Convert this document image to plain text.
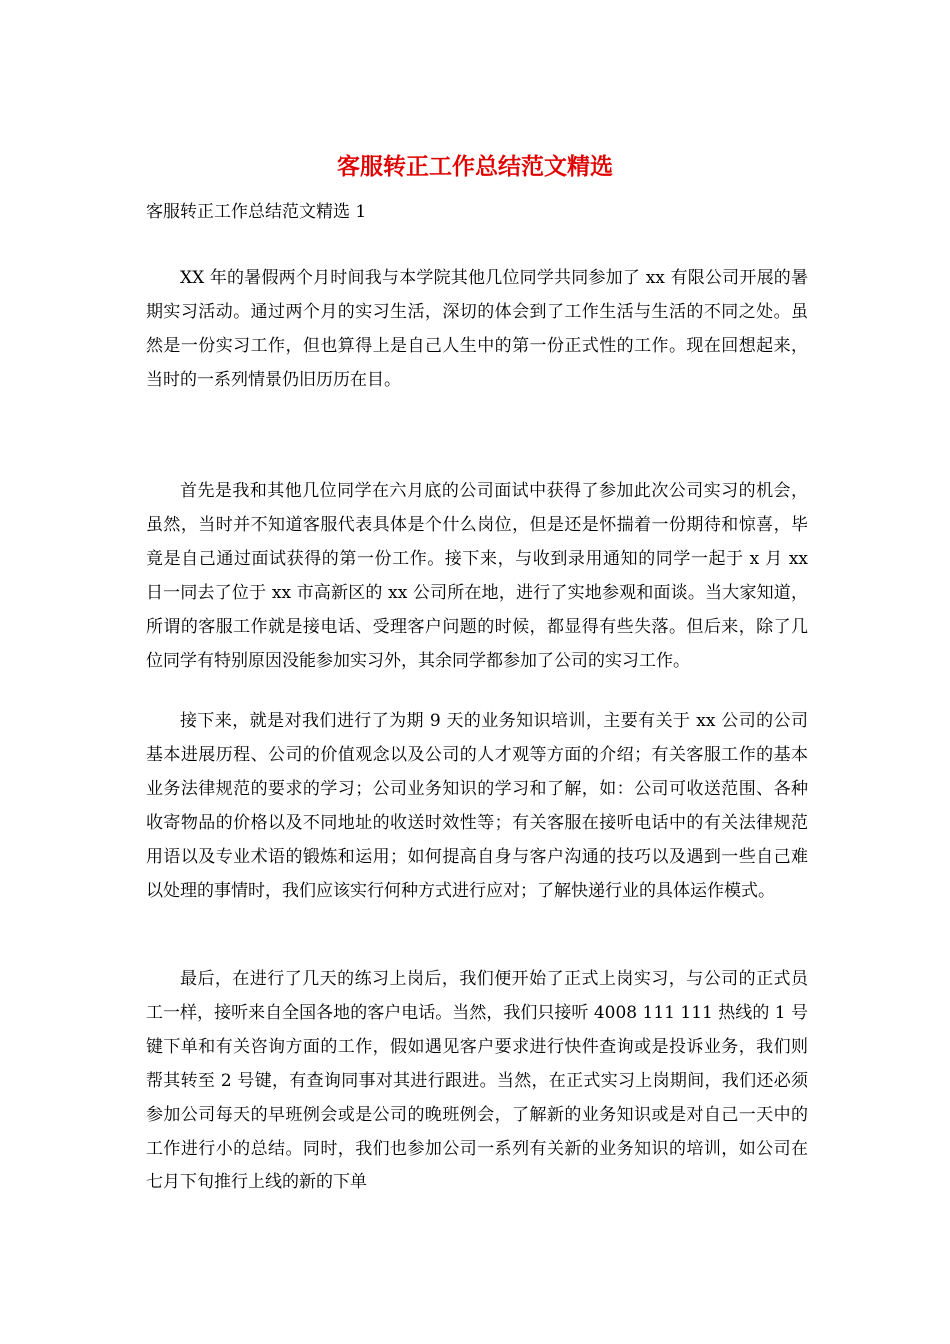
客服转正工作总结范文精选

客服转正工作总结范文精选 1

XX 年的暑假两个月时间我与本学院其他几位同学共同参加了 xx 有限公司开展的暑期实习活动。通过两个月的实习生活，深切的体会到了工作生活与生活的不同之处。虽然是一份实习工作，但也算得上是自己人生中的第一份正式性的工作。现在回想起来，当时的一系列情景仍旧历历在目。

首先是我和其他几位同学在六月底的公司面试中获得了参加此次公司实习的机会，虽然，当时并不知道客服代表具体是个什么岗位，但是还是怀揣着一份期待和惊喜，毕竟是自己通过面试获得的第一份工作。接下来，与收到录用通知的同学一起于 x 月 xx 日一同去了位于 xx 市高新区的 xx 公司所在地，进行了实地参观和面谈。当大家知道，所谓的客服工作就是接电话、受理客户问题的时候，都显得有些失落。但后来，除了几位同学有特别原因没能参加实习外，其余同学都参加了公司的实习工作。

接下来，就是对我们进行了为期 9 天的业务知识培训，主要有关于 xx 公司的公司基本进展历程、公司的价值观念以及公司的人才观等方面的介绍；有关客服工作的基本业务法律规范的要求的学习；公司业务知识的学习和了解，如：公司可收送范围、各种收寄物品的价格以及不同地址的收送时效性等；有关客服在接听电话中的有关法律规范用语以及专业术语的锻炼和运用；如何提高自身与客户沟通的技巧以及遇到一些自己难以处理的事情时，我们应该实行何种方式进行应对；了解快递行业的具体运作模式。

最后，在进行了几天的练习上岗后，我们便开始了正式上岗实习，与公司的正式员工一样，接听来自全国各地的客户电话。当然，我们只接听 4008 111 111 热线的 1 号键下单和有关咨询方面的工作，假如遇见客户要求进行快件查询或是投诉业务，我们则帮其转至 2 号键，有查询同事对其进行跟进。当然，在正式实习上岗期间，我们还必须参加公司每天的早班例会或是公司的晚班例会，了解新的业务知识或是对自己一天中的工作进行小的总结。同时，我们也参加公司一系列有关新的业务知识的培训，如公司在七月下旬推行上线的新的下单
